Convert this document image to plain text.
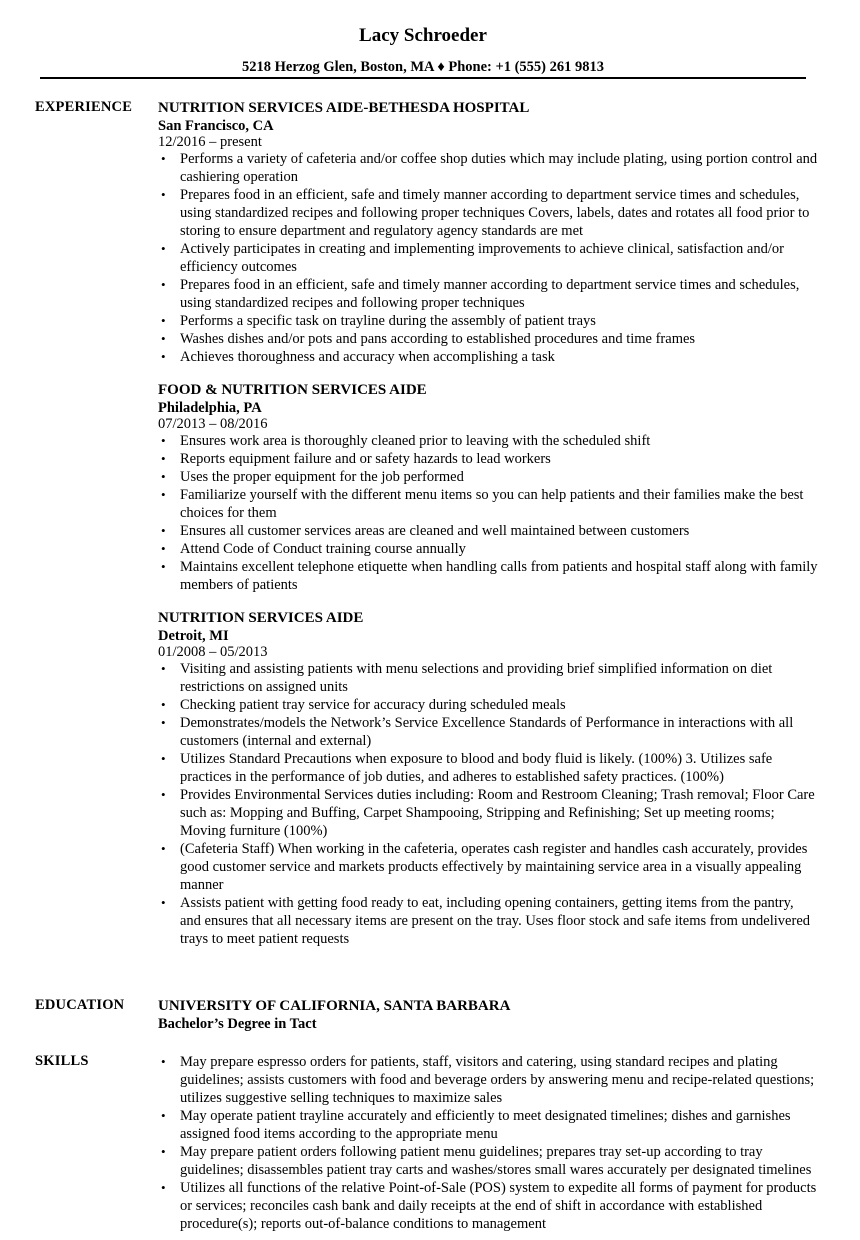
Lacy Schroeder
5218 Herzog Glen, Boston, MA ♦ Phone: +1 (555) 261 9813
EXPERIENCE NUTRITION SERVICES AIDE-BETHESDA HOSPITAL
San Francisco, CA
12/2016 – present
• Performs a variety of cafeteria and/or coffee shop duties which may include plating, using portion control and cashiering operation
• Prepares food in an efficient, safe and timely manner according to department service times and schedules, using standardized recipes and following proper techniques Covers, labels, dates and rotates all food prior to storing to ensure department and regulatory agency standards are met
• Actively participates in creating and implementing improvements to achieve clinical, satisfaction and/or efficiency outcomes
• Prepares food in an efficient, safe and timely manner according to department service times and schedules, using standardized recipes and following proper techniques
• Performs a specific task on trayline during the assembly of patient trays
• Washes dishes and/or pots and pans according to established procedures and time frames
• Achieves thoroughness and accuracy when accomplishing a task
FOOD & NUTRITION SERVICES AIDE
Philadelphia, PA
07/2013 – 08/2016
• Ensures work area is thoroughly cleaned prior to leaving with the scheduled shift
• Reports equipment failure and or safety hazards to lead workers
• Uses the proper equipment for the job performed
• Familiarize yourself with the different menu items so you can help patients and their families make the best choices for them
• Ensures all customer services areas are cleaned and well maintained between customers
• Attend Code of Conduct training course annually
• Maintains excellent telephone etiquette when handling calls from patients and hospital staff along with family members of patients
NUTRITION SERVICES AIDE
Detroit, MI
01/2008 – 05/2013
• Visiting and assisting patients with menu selections and providing brief simplified information on diet restrictions on assigned units
• Checking patient tray service for accuracy during scheduled meals
• Demonstrates/models the Network’s Service Excellence Standards of Performance in interactions with all customers (internal and external)
• Utilizes Standard Precautions when exposure to blood and body fluid is likely. (100%) 3. Utilizes safe practices in the performance of job duties, and adheres to established safety practices. (100%)
• Provides Environmental Services duties including: Room and Restroom Cleaning; Trash removal; Floor Care such as: Mopping and Buffing, Carpet Shampooing, Stripping and Refinishing; Set up meeting rooms; Moving furniture (100%)
• (Cafeteria Staff) When working in the cafeteria, operates cash register and handles cash accurately, provides good customer service and markets products effectively by maintaining service area in a visually appealing manner
• Assists patient with getting food ready to eat, including opening containers, getting items from the pantry, and ensures that all necessary items are present on the tray. Uses floor stock and safe items from undelivered trays to meet patient requests
EDUCATION UNIVERSITY OF CALIFORNIA, SANTA BARBARA
Bachelor’s Degree in Tact
SKILLS	• May prepare espresso orders for patients, staff, visitors and catering, using standard recipes and plating guidelines; assists customers with food and beverage orders by answering menu and recipe-related questions; utilizes suggestive selling techniques to maximize sales
• May operate patient trayline accurately and efficiently to meet designated timelines; dishes and garnishes assigned food items according to the appropriate menu
• May prepare patient orders following patient menu guidelines; prepares tray set-up according to tray guidelines; disassembles patient tray carts and washes/stores small wares accurately per designated timelines
• Utilizes all functions of the relative Point-of-Sale (POS) system to expedite all forms of payment for products or services; reconciles cash bank and daily receipts at the end of shift in accordance with established procedure(s); reports out-of-balance conditions to management
